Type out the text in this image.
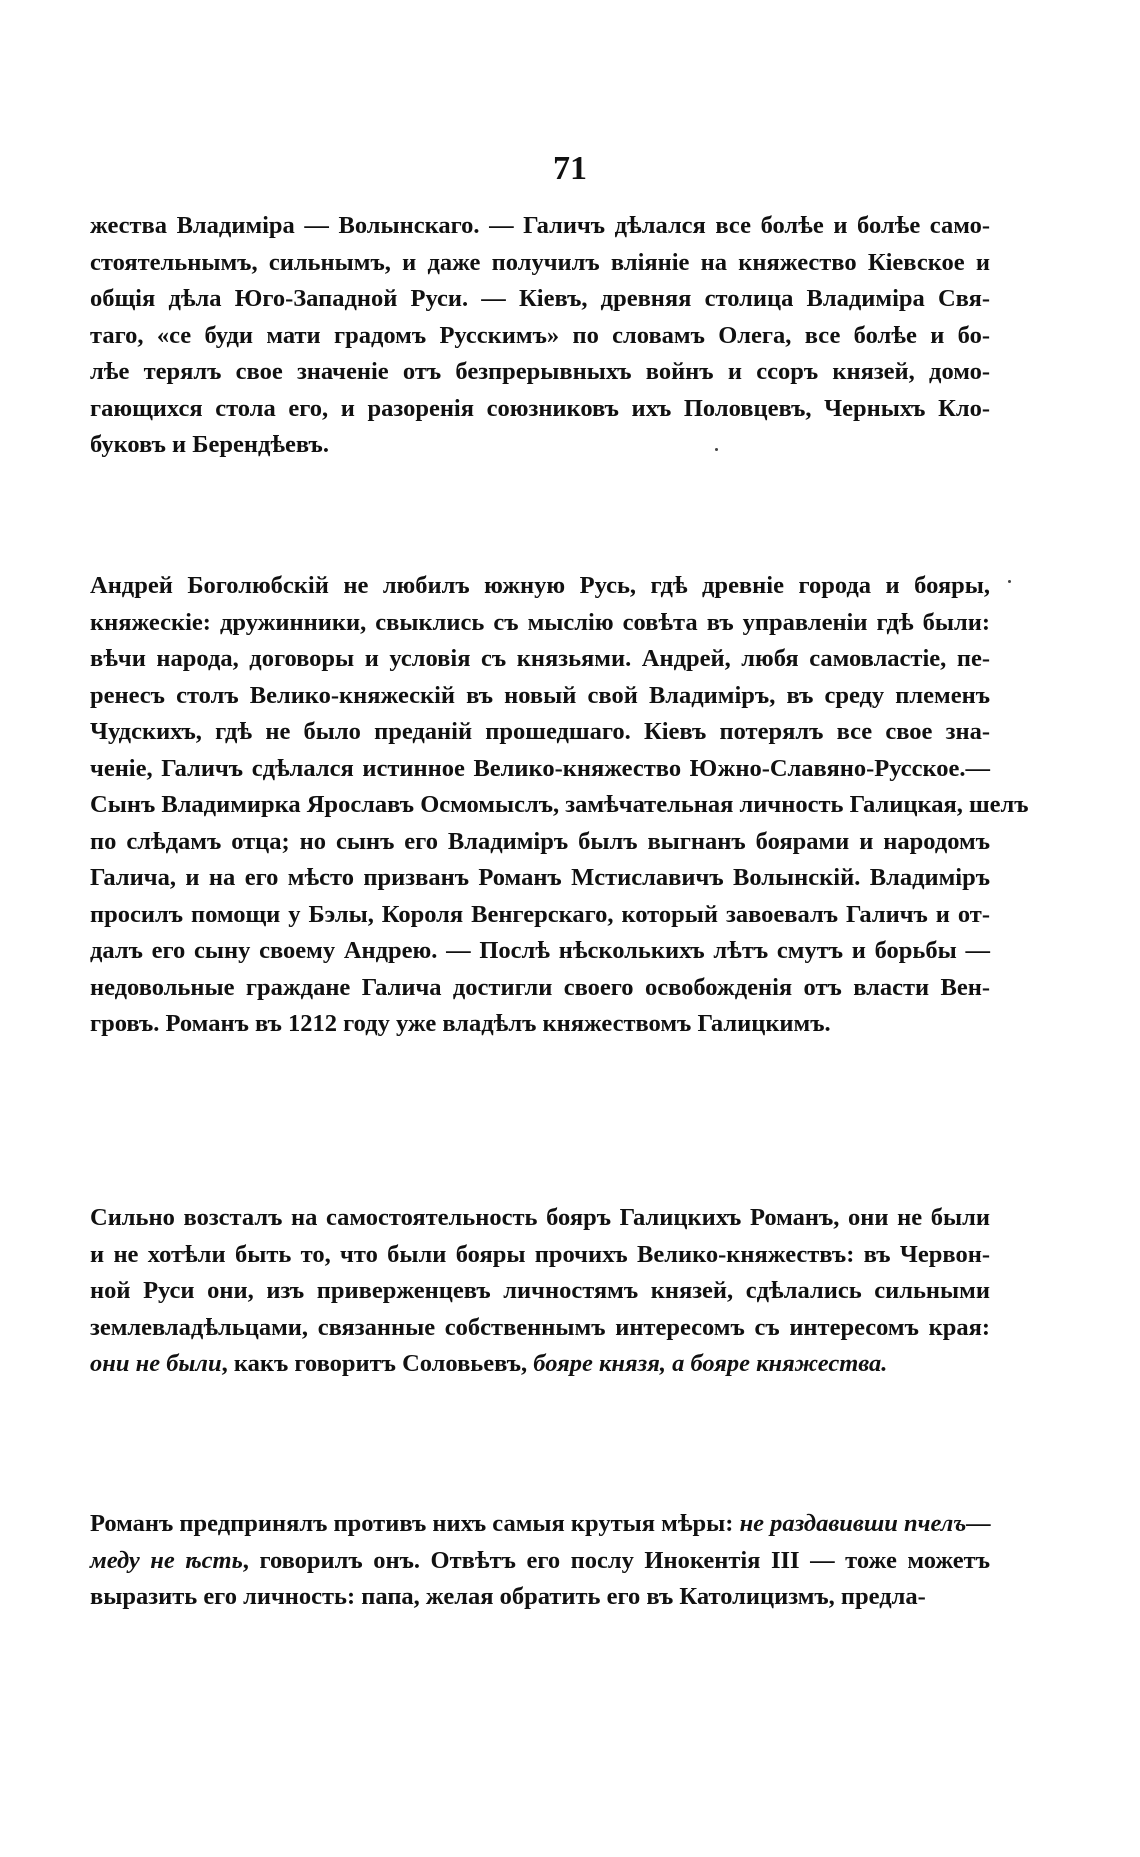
71
жества Владиміра — Волынскаго. — Галичъ дѣлался все болѣе и болѣе само-
стоятельнымъ, сильнымъ, и даже получилъ вліяніе на княжество Кіевское и
общія дѣла Юго-Западной Руси. — Кіевъ, древняя столица Владиміра Свя-
таго, «се буди мати градомъ Русскимъ» по словамъ Олега, все болѣе и бо-
лѣе терялъ свое значеніе отъ безпрерывныхъ войнъ и ссоръ князей, домо-
гающихся стола его, и разоренія союзниковъ ихъ Половцевъ, Черныхъ Кло-
буковъ и Берендѣевъ.
Андрей Боголюбскій не любилъ южную Русь, гдѣ древніе города и бояры,
княжескіе: дружинники, свыклись съ мыслію совѣта въ управленіи гдѣ были:
вѣчи народа, договоры и условія съ князьями. Андрей, любя самовластіе, пе-
ренесъ столъ Велико-княжескій въ новый свой Владиміръ, въ среду племенъ
Чудскихъ, гдѣ не было преданій прошедшаго. Кіевъ потерялъ все свое зна-
ченіе, Галичъ сдѣлался истинное Велико-княжество Южно-Славяно-Русское.—
Сынъ Владимирка Ярославъ Осмомыслъ, замѣчательная личность Галицкая, шелъ
по слѣдамъ отца; но сынъ его Владиміръ былъ выгнанъ боярами и народомъ
Галича, и на его мѣсто призванъ Романъ Мстиславичъ Волынскій. Владиміръ
просилъ помощи у Бэлы, Короля Венгерскаго, который завоевалъ Галичъ и от-
далъ его сыну своему Андрею. — Послѣ нѣсколькихъ лѣтъ смутъ и борьбы —
недовольные граждане Галича достигли своего освобожденія отъ власти Вен-
гровъ. Романъ въ 1212 году уже владѣлъ княжествомъ Галицкимъ.
Сильно возсталъ на самостоятельность бояръ Галицкихъ Романъ, они не были
и не хотѣли быть то, что были бояры прочихъ Велико-княжествъ: въ Червон-
ной Руси они, изъ приверженцевъ личностямъ князей, сдѣлались сильными
землевладѣльцами, связанные собственнымъ интересомъ съ интересомъ края:
они не были, какъ говоритъ Соловьевъ, бояре князя, а бояре княжества.
Романъ предпринялъ противъ нихъ самыя крутыя мѣры: не раздавивши пчелъ—
меду не ѣсть, говорилъ онъ. Отвѣтъ его послу Инокентія III — тоже можетъ
выразить его личность: папа, желая обратить его въ Католицизмъ, предла-
